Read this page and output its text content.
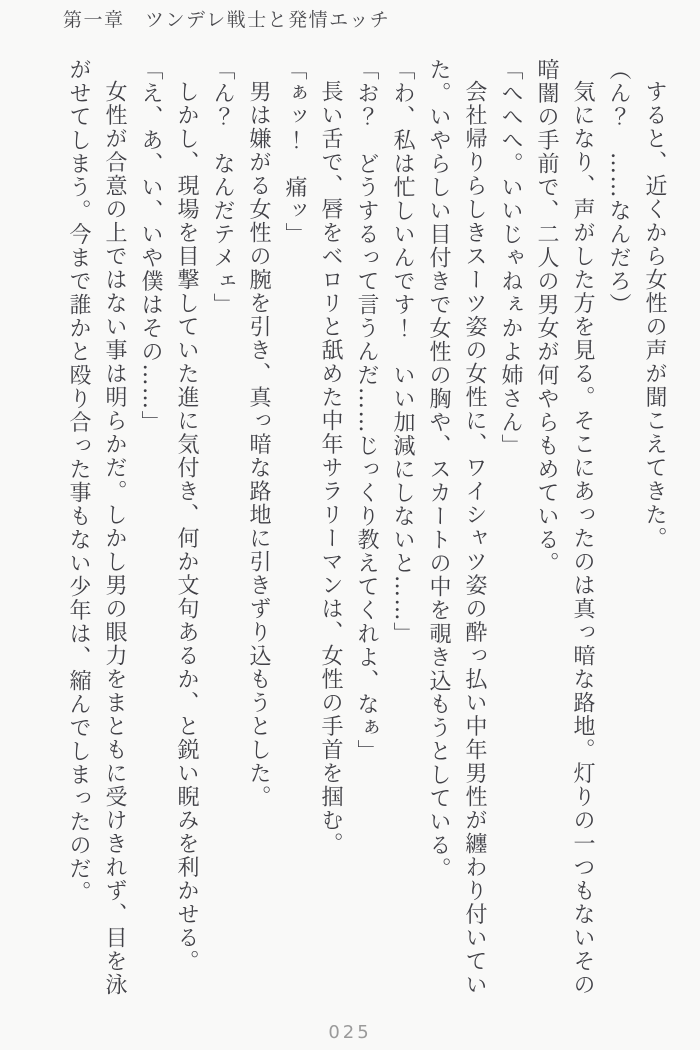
第一章　ツンデレ戦士と発情エッチ

すると、近くから女性の声が聞こえてきた。

（ん？　……なんだろ）

気になり、声がした方を見る。そこにあったのは真っ暗な路地。灯りの一つもないその

暗闇の手前で、二人の男女が何やらもめている。

「へへへ。いいじゃねぇかよ姉さん」

会社帰りらしきスーツ姿の女性に、ワイシャツ姿の酔っ払い中年男性が纏わり付いてい

た。いやらしい目付きで女性の胸や、スカートの中を覗き込もうとしている。

「わ、私は忙しいんです！　いい加減にしないと……」

「お？　どうするって言うんだ……じっくり教えてくれよ、なぁ」

長い舌で、唇をベロリと舐めた中年サラリーマンは、女性の手首を掴む。

「ぁッ！　痛ッ」

男は嫌がる女性の腕を引き、真っ暗な路地に引きずり込もうとした。

「ん？　なんだテメェ」

しかし、現場を目撃していた進に気付き、何か文句あるか、と鋭い睨みを利かせる。

「え、あ、い、いや僕はその……」

女性が合意の上ではない事は明らかだ。しかし男の眼力をまともに受けきれず、目を泳

がせてしまう。今まで誰かと殴り合った事もない少年は、縮んでしまったのだ。

025
